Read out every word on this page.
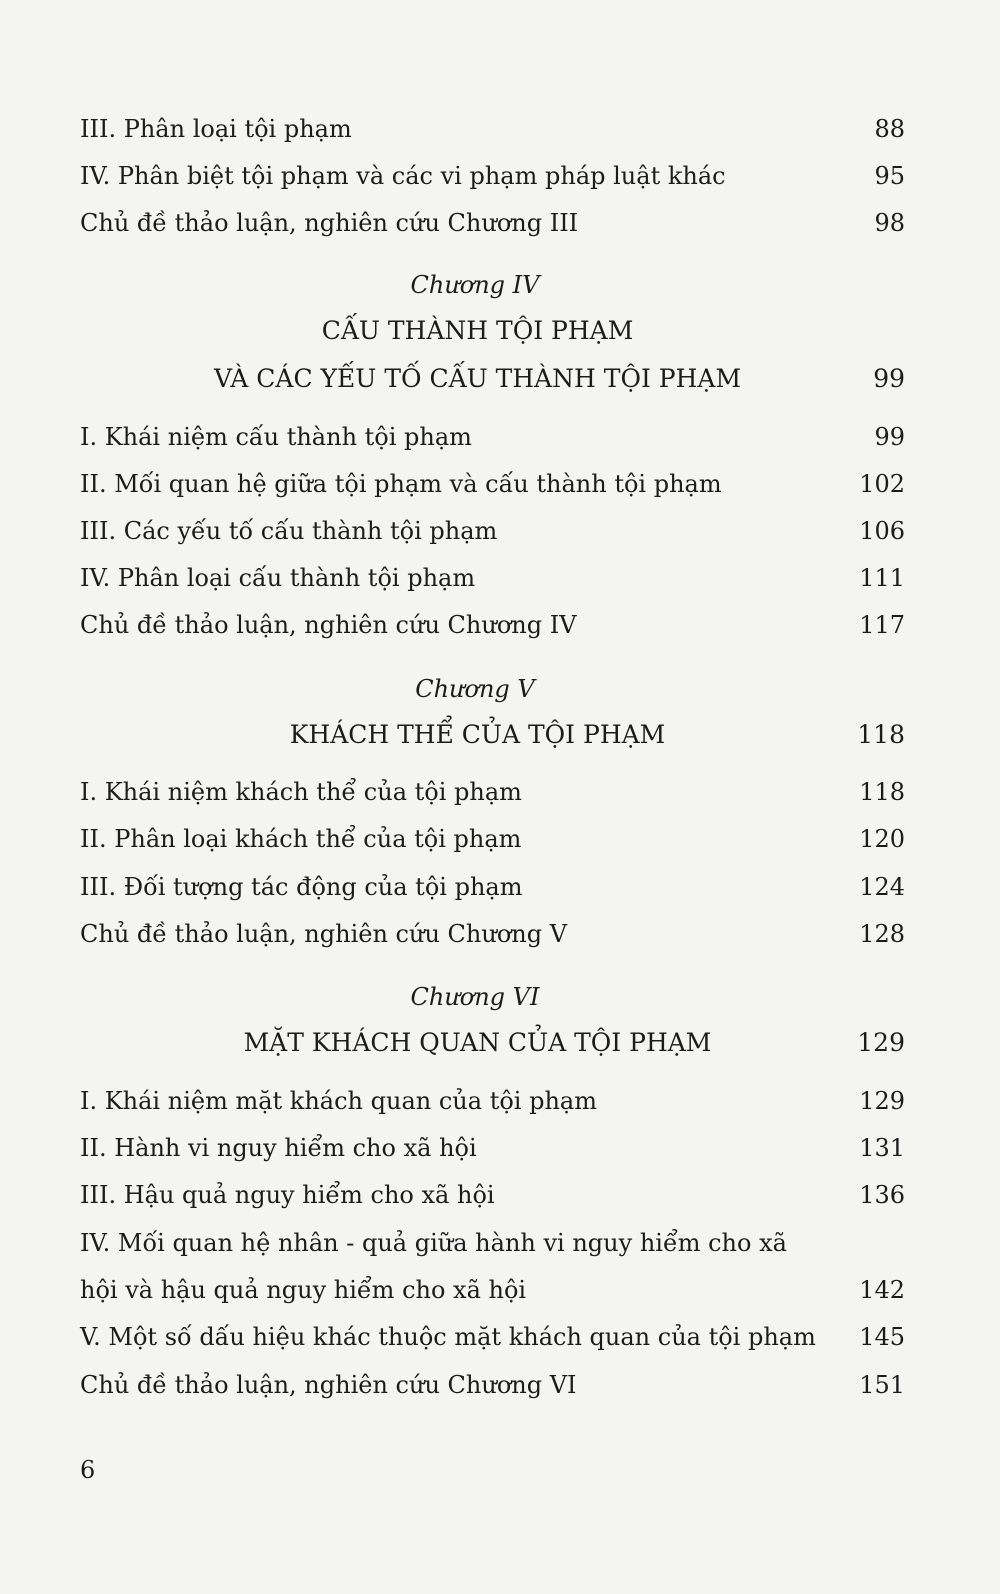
III. Phân loại tội phạm	88
IV. Phân biệt tội phạm và các vi phạm pháp luật khác	95
Chủ đề thảo luận, nghiên cứu Chương III	98
Chương IV
CẤU THÀNH TỘI PHẠM
VÀ CÁC YẾU TỐ CẤU THÀNH TỘI PHẠM	99
I. Khái niệm cấu thành tội phạm	99
II. Mối quan hệ giữa tội phạm và cấu thành tội phạm	102
III. Các yếu tố cấu thành tội phạm	106
IV. Phân loại cấu thành tội phạm	111
Chủ đề thảo luận, nghiên cứu Chương IV	117
Chương V
KHÁCH THỂ CỦA TỘI PHẠM	118
I. Khái niệm khách thể của tội phạm	118
II. Phân loại khách thể của tội phạm	120
III. Đối tượng tác động của tội phạm	124
Chủ đề thảo luận, nghiên cứu Chương V	128
Chương VI
MẶT KHÁCH QUAN CỦA TỘI PHẠM	129
I. Khái niệm mặt khách quan của tội phạm	129
II. Hành vi nguy hiểm cho xã hội	131
III. Hậu quả nguy hiểm cho xã hội	136
IV. Mối quan hệ nhân - quả giữa hành vi nguy hiểm cho xã
hội và hậu quả nguy hiểm cho xã hội	142
V. Một số dấu hiệu khác thuộc mặt khách quan của tội phạm 145
Chủ đề thảo luận, nghiên cứu Chương VI	151
6
